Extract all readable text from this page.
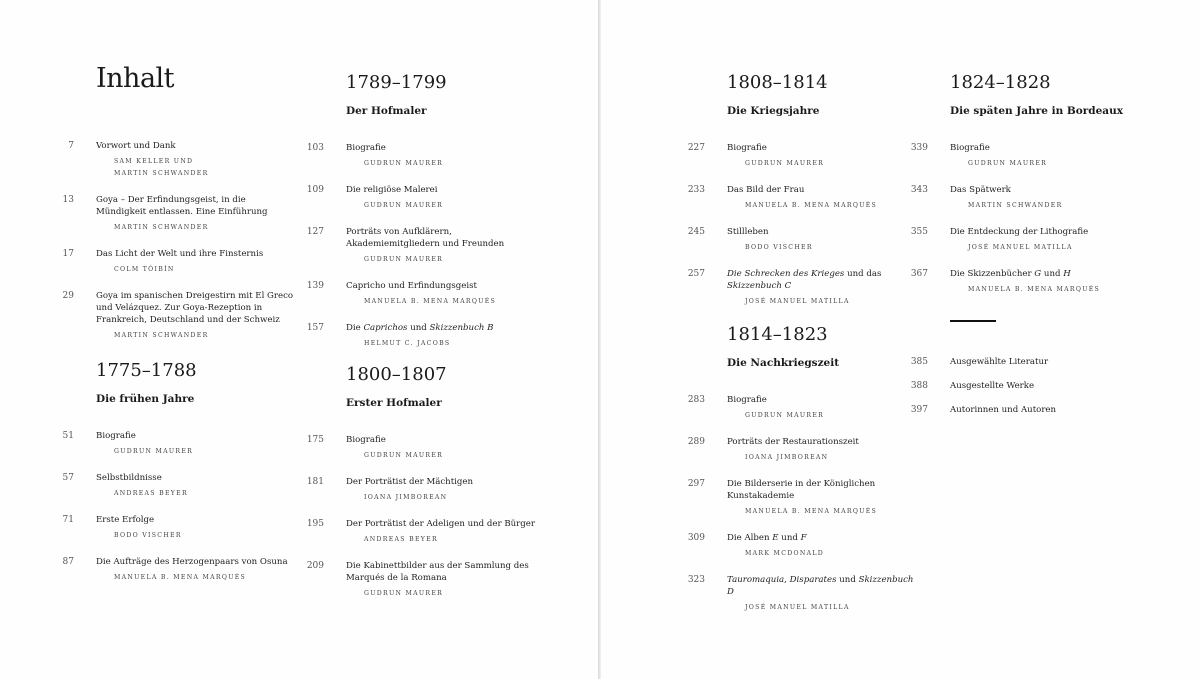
Inhalt
7	Vorwort und Dank
SAM KELLER UND
MARTIN SCHWANDER
13	Goya – Der Erfindungsgeist, in die Mündigkeit entlassen. Eine Einführung
MARTIN SCHWANDER
17	Das Licht der Welt und ihre Finsternis
COLM TÓIBÍN
29	Goya im spanischen Dreigestirn mit El Greco und Velázquez. Zur Goya-Rezeption in Frankreich, Deutschland und der Schweiz
MARTIN SCHWANDER
1775–1788
Die frühen Jahre
51	Biografie
GUDRUN MAURER
57	Selbstbildnisse
ANDREAS BEYER
71	Erste Erfolge
BODO VISCHER
87	Die Aufträge des Herzogenpaars von Osuna
MANUELA B. MENA MARQUÉS
1789–1799
Der Hofmaler
103	Biografie
GUDRUN MAURER
109	Die religiöse Malerei
GUDRUN MAURER
127	Porträts von Aufklärern, Akademiemitgliedern und Freunden
GUDRUN MAURER
139	Capricho und Erfindungsgeist
MANUELA B. MENA MARQUÉS
157	Die Caprichos und Skizzenbuch B
HELMUT C. JACOBS
1800–1807
Erster Hofmaler
175	Biografie
GUDRUN MAURER
181	Der Porträtist der Mächtigen
IOANA JIMBOREAN
195	Der Porträtist der Adeligen und der Bürger
ANDREAS BEYER
209	Die Kabinettbilder aus der Sammlung des Marqués de la Romana
GUDRUN MAURER
1808–1814
Die Kriegsjahre
227	Biografie
GUDRUN MAURER
233	Das Bild der Frau
MANUELA B. MENA MARQUÉS
245	Stillleben
BODO VISCHER
257	Die Schrecken des Krieges und das Skizzenbuch C
JOSÉ MANUEL MATILLA
1814–1823
Die Nachkriegszeit
283	Biografie
GUDRUN MAURER
289	Porträts der Restaurationszeit
IOANA JIMBOREAN
297	Die Bilderserie in der Königlichen Kunstakademie
MANUELA B. MENA MARQUÉS
309	Die Alben E und F
MARK MCDONALD
323	Tauromaquia, Disparates und Skizzenbuch D
JOSÉ MANUEL MATILLA
1824–1828
Die späten Jahre in Bordeaux
339	Biografie
GUDRUN MAURER
343	Das Spätwerk
MARTIN SCHWANDER
355	Die Entdeckung der Lithografie
JOSÉ MANUEL MATILLA
367	Die Skizzenbücher G und H
MANUELA B. MENA MARQUÉS
385	Ausgewählte Literatur
388	Ausgestellte Werke
397	Autorinnen und Autoren
